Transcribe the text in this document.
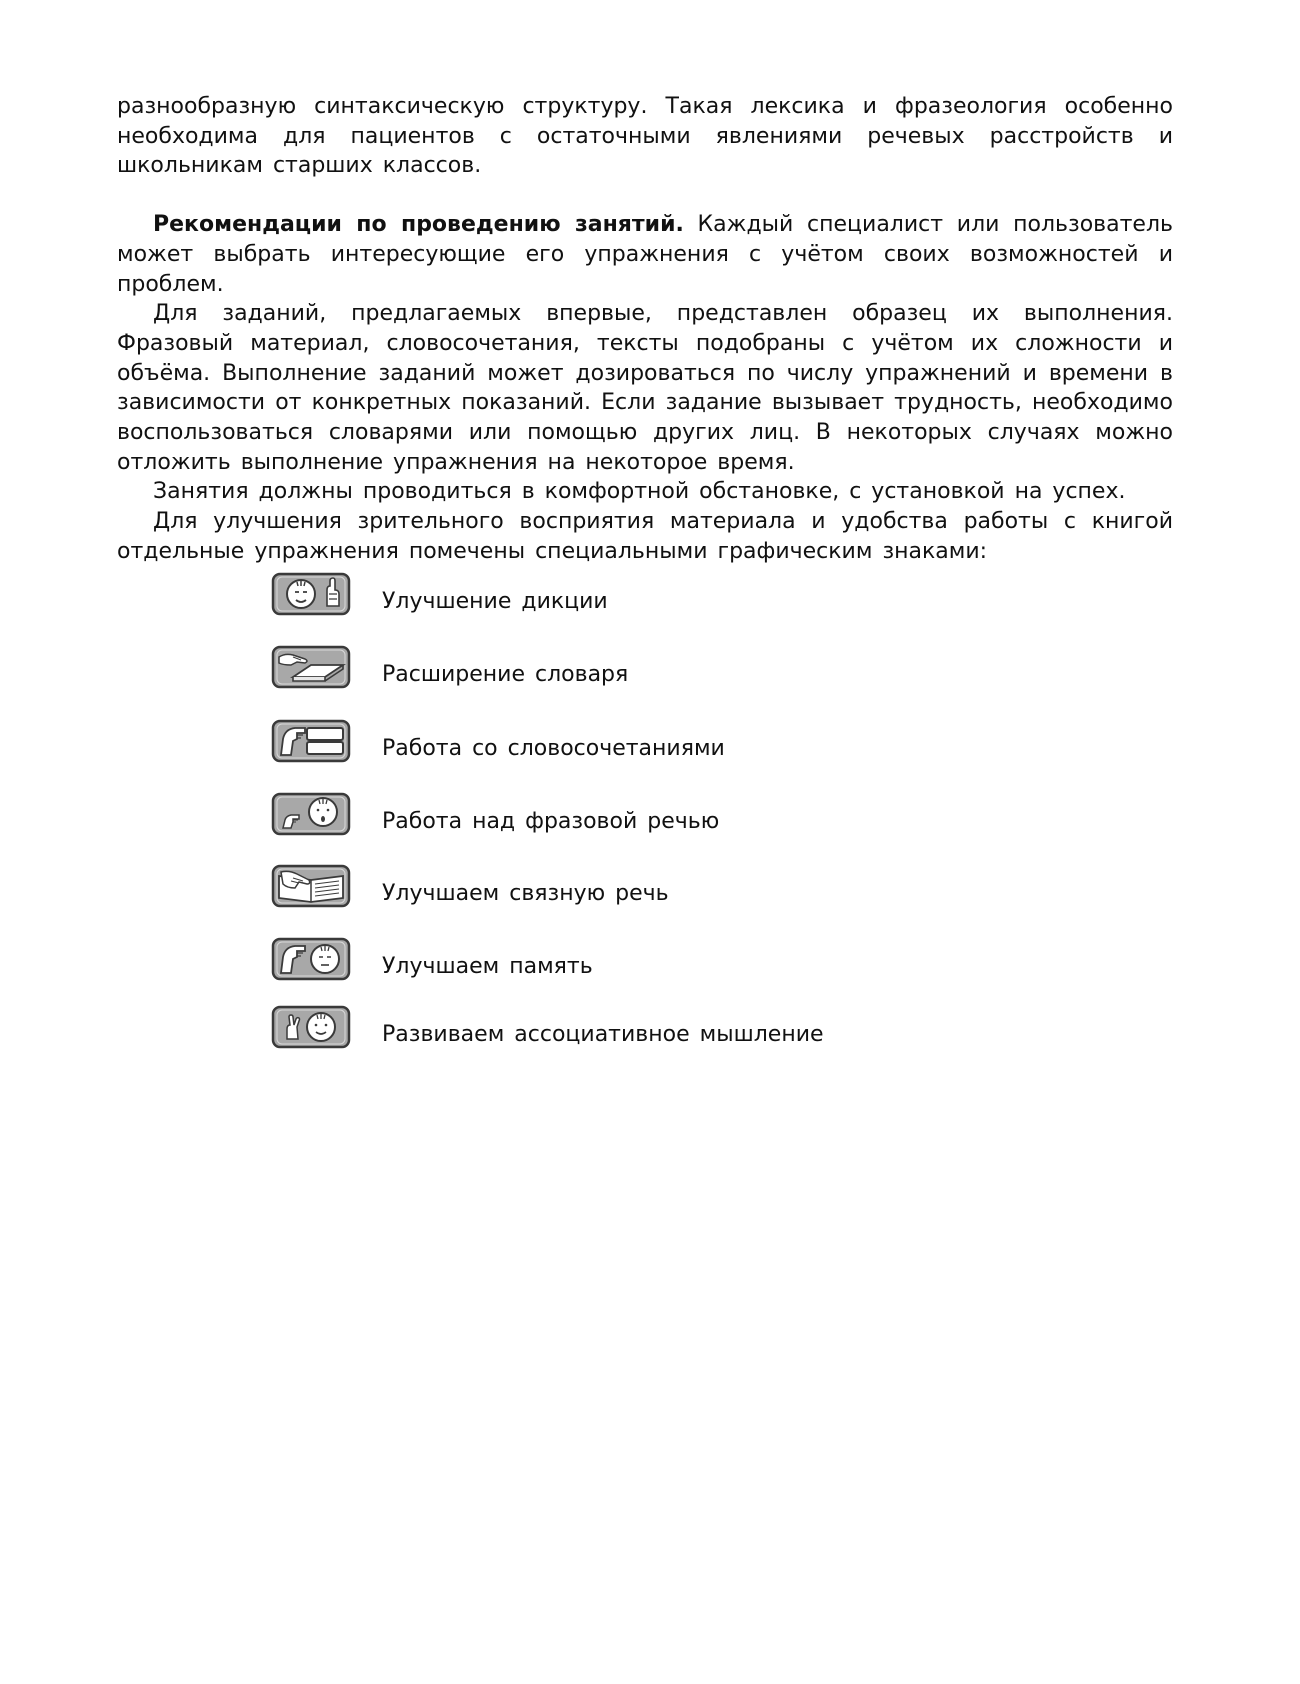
разнообразную синтаксическую структуру. Такая лексика и фразеология особенно необходима для пациентов с остаточными явлениями речевых расстройств и школьникам старших классов.

Рекомендации по проведению занятий. Каждый специалист или пользователь может выбрать интересующие его упражнения с учётом своих возможностей и проблем.

Для заданий, предлагаемых впервые, представлен образец их выполнения. Фразовый материал, словосочетания, тексты подобраны с учётом их сложности и объёма. Выполнение заданий может дозироваться по числу упражнений и времени в зависимости от конкретных показаний. Если задание вызывает трудность, необходимо воспользоваться словарями или помощью других лиц. В некоторых случаях можно отложить выполнение упражнения на некоторое время.

Занятия должны проводиться в комфортной обстановке, с установкой на успех.

Для улучшения зрительного восприятия материала и удобства работы с книгой отдельные упражнения помечены специальными графическим знаками:

Улучшение дикции
Расширение словаря
Работа со словосочетаниями
Работа над фразовой речью
Улучшаем связную речь
Улучшаем память
Развиваем ассоциативное мышление
